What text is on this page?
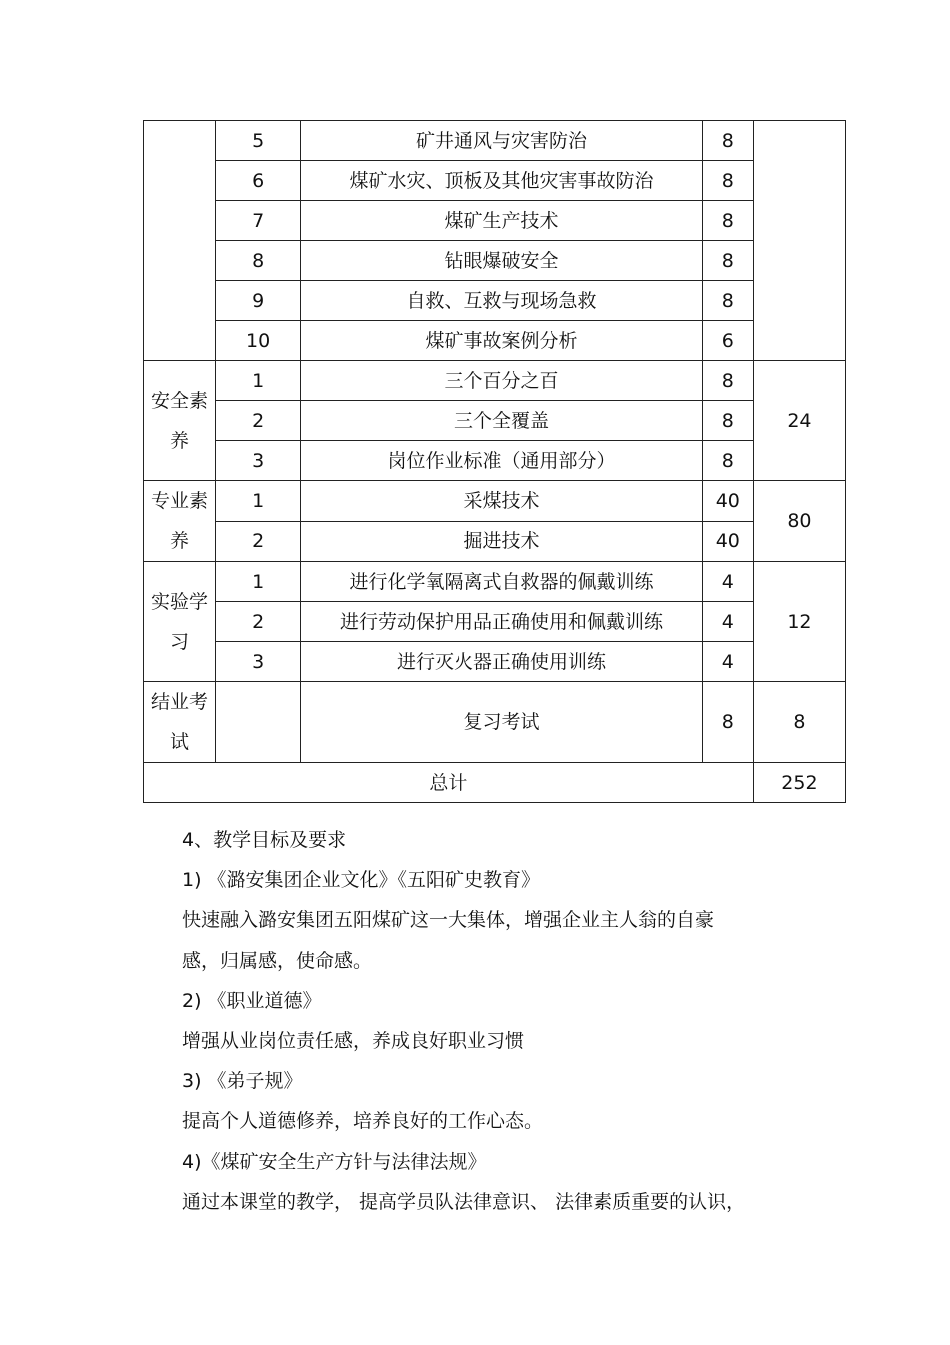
	5	矿井通风与灾害防治	8	
	6	煤矿水灾、顶板及其他灾害事故防治	8	
	7	煤矿生产技术	8	
	8	钻眼爆破安全	8	
	9	自救、互救与现场急救	8	
	10	煤矿事故案例分析	6	
安全素养	1	三个百分之百	8	24
	2	三个全覆盖	8	
	3	岗位作业标准（通用部分）	8	
专业素养	1	采煤技术	40	80
	2	掘进技术	40	
实验学习	1	进行化学氧隔离式自救器的佩戴训练	4	12
	2	进行劳动保护用品正确使用和佩戴训练	4	
	3	进行灭火器正确使用训练	4	
结业考试		复习考试	8	8
总计				252

4、教学目标及要求

1) 《潞安集团企业文化》《五阳矿史教育》

快速融入潞安集团五阳煤矿这一大集体，增强企业主人翁的自豪

感，归属感，使命感。

2) 《职业道德》

增强从业岗位责任感，养成良好职业习惯

3) 《弟子规》

提高个人道德修养，培养良好的工作心态。

4)《煤矿安全生产方针与法律法规》

通过本课堂的教学， 提高学员队法律意识、 法律素质重要的认识，
